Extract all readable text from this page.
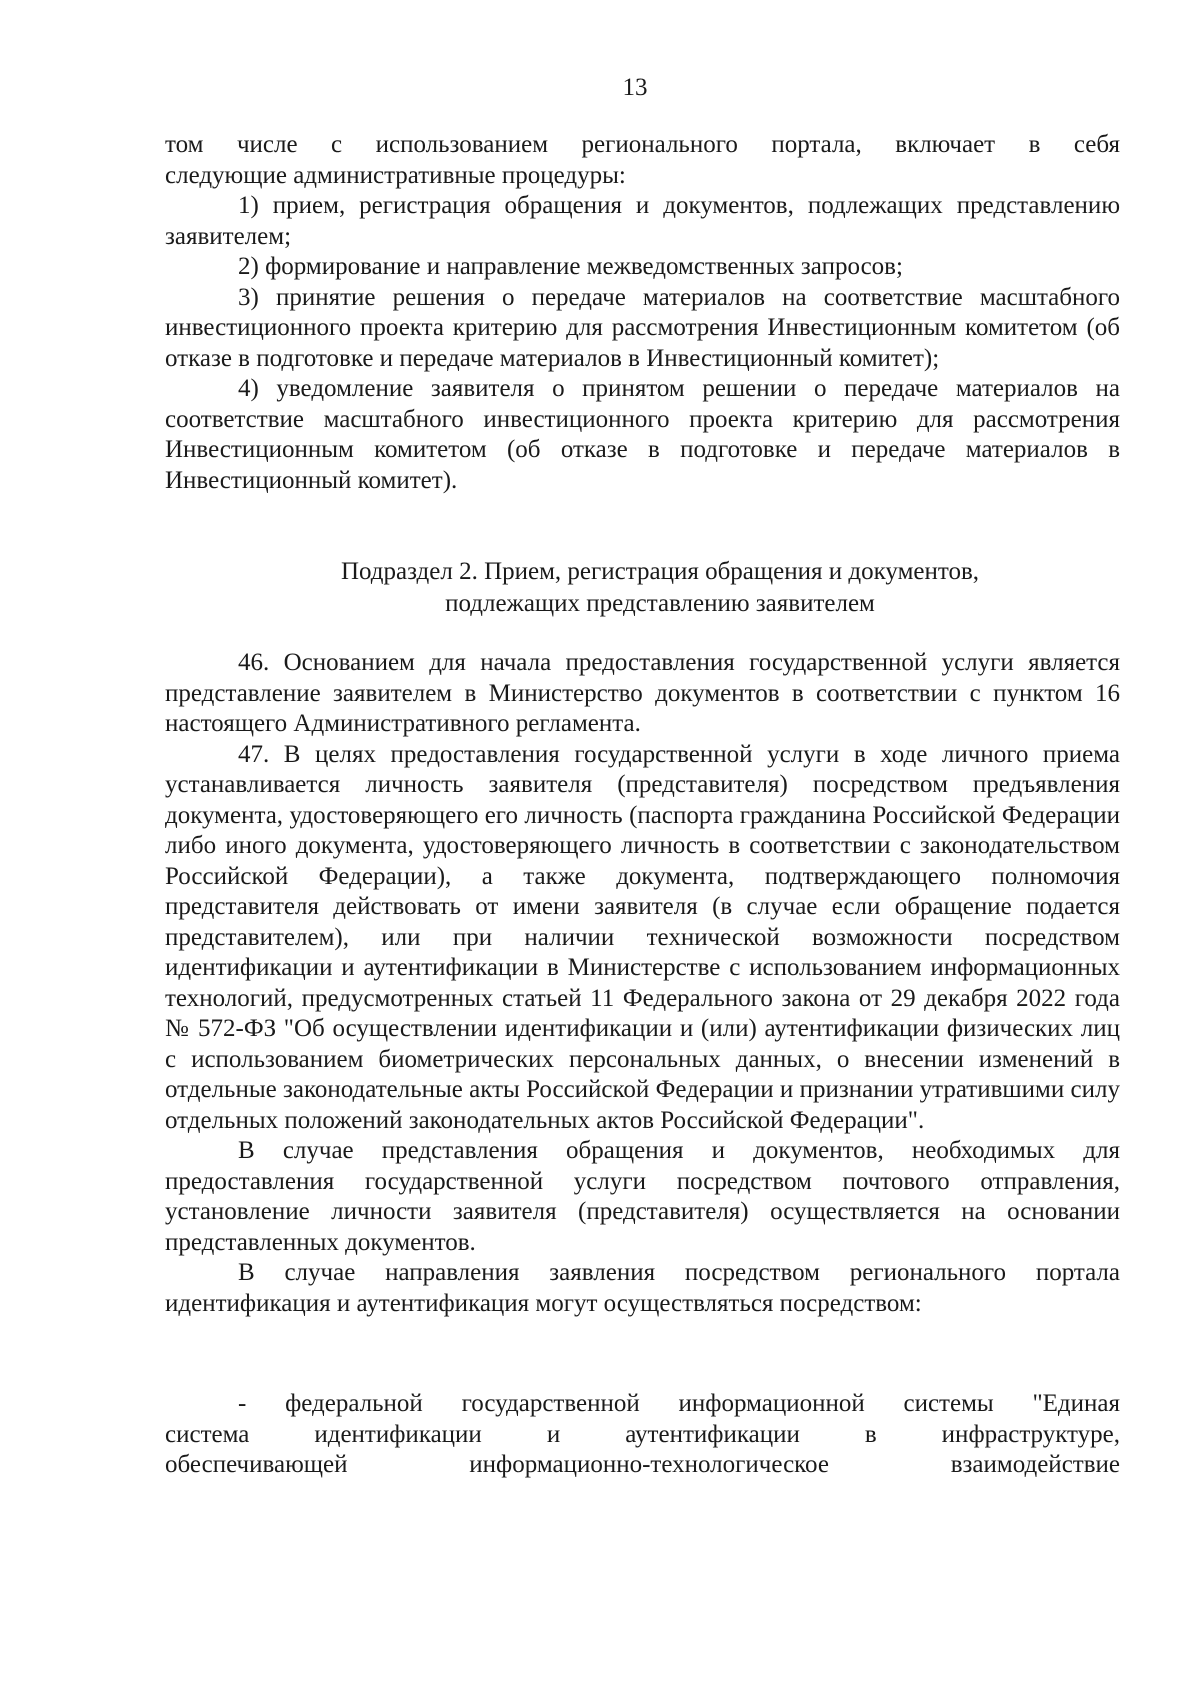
13
том числе с использованием регионального портала, включает в себя
следующие административные процедуры:

1) прием, регистрация обращения и документов, подлежащих представлению заявителем;

2) формирование и направление межведомственных запросов;

3) принятие решения о передаче материалов на соответствие масштабного инвестиционного проекта критерию для рассмотрения Инвестиционным комитетом (об отказе в подготовке и передаче материалов в Инвестиционный комитет);

4) уведомление заявителя о принятом решении о передаче материалов на соответствие масштабного инвестиционного проекта критерию для рассмотрения Инвестиционным комитетом (об отказе в подготовке и передаче материалов в Инвестиционный комитет).

Подраздел 2. Прием, регистрация обращения и документов,

подлежащих представлению заявителем

46. Основанием для начала предоставления государственной услуги является представление заявителем в Министерство документов в соответствии с пунктом 16 настоящего Административного регламента.

47. В целях предоставления государственной услуги в ходе личного приема устанавливается личность заявителя (представителя) посредством предъявления документа, удостоверяющего его личность (паспорта гражданина Российской Федерации либо иного документа, удостоверяющего личность в соответствии с законодательством Российской Федерации), а также документа, подтверждающего полномочия представителя действовать от имени заявителя (в случае если обращение подается представителем), или при наличии технической возможности посредством идентификации и аутентификации в Министерстве с использованием информационных технологий, предусмотренных статьей 11 Федерального закона от 29 декабря 2022 года № 572-ФЗ "Об осуществлении идентификации и (или) аутентификации физических лиц с использованием биометрических персональных данных, о внесении изменений в отдельные законодательные акты Российской Федерации и признании утратившими силу отдельных положений законодательных актов Российской Федерации".

В случае представления обращения и документов, необходимых для предоставления государственной услуги посредством почтового отправления, установление личности заявителя (представителя) осуществляется на основании представленных документов.

В случае направления заявления посредством регионального портала идентификация и аутентификация могут осуществляться посредством:

- федеральной государственной информационной системы "Единая
система идентификации и аутентификации в инфраструктуре,
обеспечивающей информационно-технологическое взаимодействие
